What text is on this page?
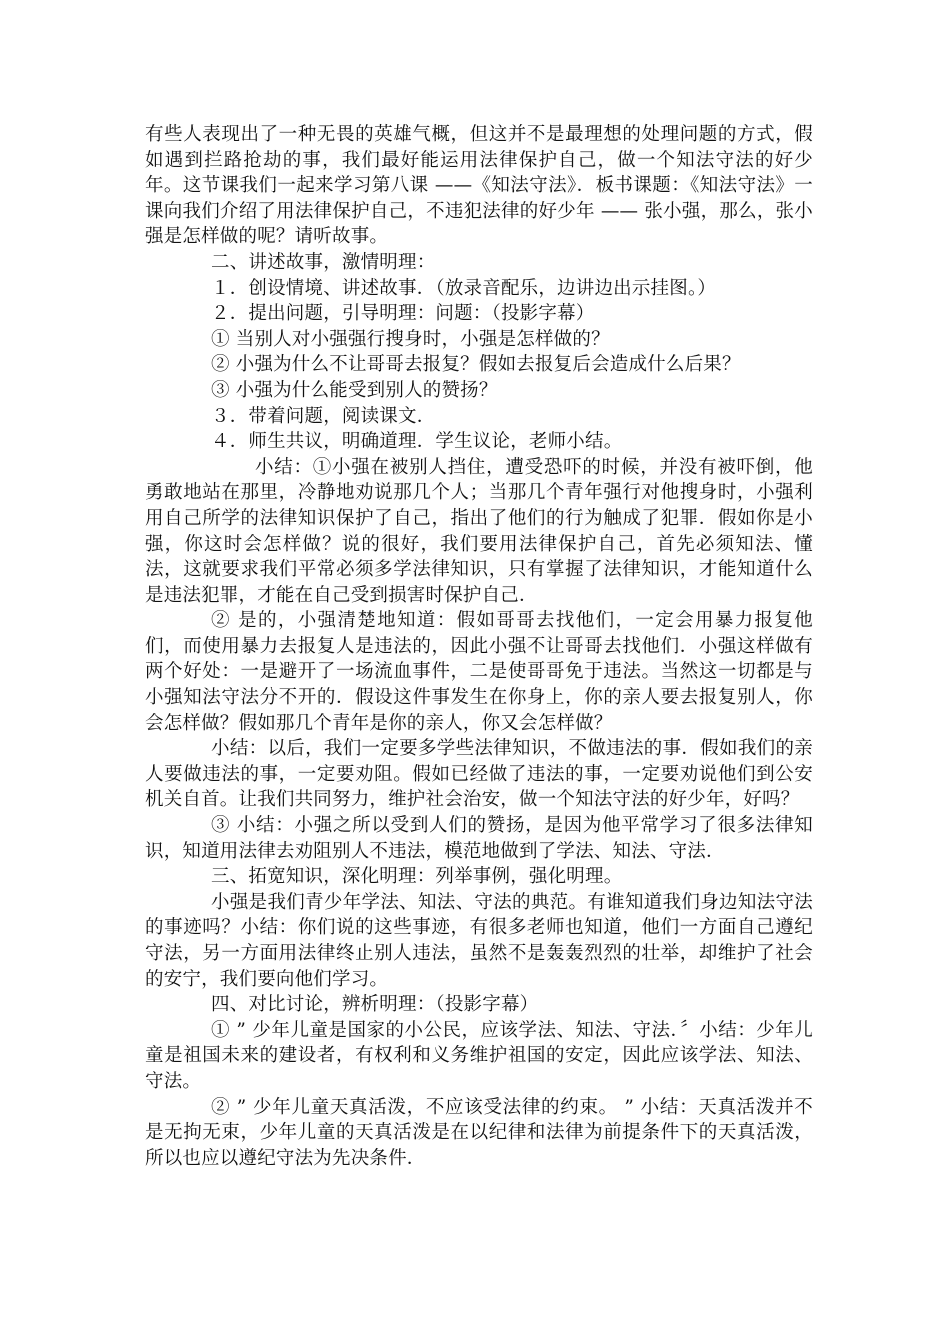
有些人表现出了一种无畏的英雄气概，但这并不是最理想的处理问题的方式，假如遇到拦路抢劫的事，我们最好能运用法律保护自己，做一个知法守法的好少年。这节课我们一起来学习第八课 ——《知法守法》．板书课题：《知法守法》一课向我们介绍了用法律保护自己，不违犯法律的好少年 —— 张小强，那么，张小强是怎样做的呢？请听故事。

二、讲述故事，激情明理：

１．创设情境、讲述故事．（放录音配乐，边讲边出示挂图。）

２．提出问题，引导明理：问题：（投影字幕）

① 当别人对小强强行搜身时，小强是怎样做的？

② 小强为什么不让哥哥去报复？假如去报复后会造成什么后果？

③ 小强为什么能受到别人的赞扬？

３．带着问题，阅读课文．

４．师生共议，明确道理．学生议论，老师小结。

小结：①小强在被别人挡住，遭受恐吓的时候，并没有被吓倒，他勇敢地站在那里，冷静地劝说那几个人；当那几个青年强行对他搜身时，小强利用自己所学的法律知识保护了自己，指出了他们的行为触成了犯罪．假如你是小强，你这时会怎样做？说的很好，我们要用法律保护自己，首先必须知法、懂法，这就要求我们平常必须多学法律知识，只有掌握了法律知识，才能知道什么是违法犯罪，才能在自己受到损害时保护自己．

② 是的，小强清楚地知道：假如哥哥去找他们，一定会用暴力报复他们，而使用暴力去报复人是违法的，因此小强不让哥哥去找他们．小强这样做有两个好处：一是避开了一场流血事件，二是使哥哥免于违法。当然这一切都是与小强知法守法分不开的．假设这件事发生在你身上，你的亲人要去报复别人，你会怎样做？假如那几个青年是你的亲人，你又会怎样做？

小结：以后，我们一定要多学些法律知识，不做违法的事．假如我们的亲人要做违法的事，一定要劝阻。假如已经做了违法的事，一定要劝说他们到公安机关自首。让我们共同努力，维护社会治安，做一个知法守法的好少年，好吗？

③ 小结：小强之所以受到人们的赞扬，是因为他平常学习了很多法律知识，知道用法律去劝阻别人不违法，模范地做到了学法、知法、守法．

三、拓宽知识，深化明理：列举事例，强化明理。

小强是我们青少年学法、知法、守法的典范。有谁知道我们身边知法守法的事迹吗？小结：你们说的这些事迹，有很多老师也知道，他们一方面自己遵纪守法，另一方面用法律终止别人违法，虽然不是轰轰烈烈的壮举，却维护了社会的安宁，我们要向他们学习。

四、对比讨论，辨析明理：（投影字幕）

① ” 少年儿童是国家的小公民，应该学法、知法、守法．〞小结：少年儿童是祖国未来的建设者，有权利和义务维护祖国的安定，因此应该学法、知法、守法。

② ” 少年儿童天真活泼，不应该受法律的约束。 ” 小结：天真活泼并不是无拘无束，少年儿童的天真活泼是在以纪律和法律为前提条件下的天真活泼，所以也应以遵纪守法为先决条件．
